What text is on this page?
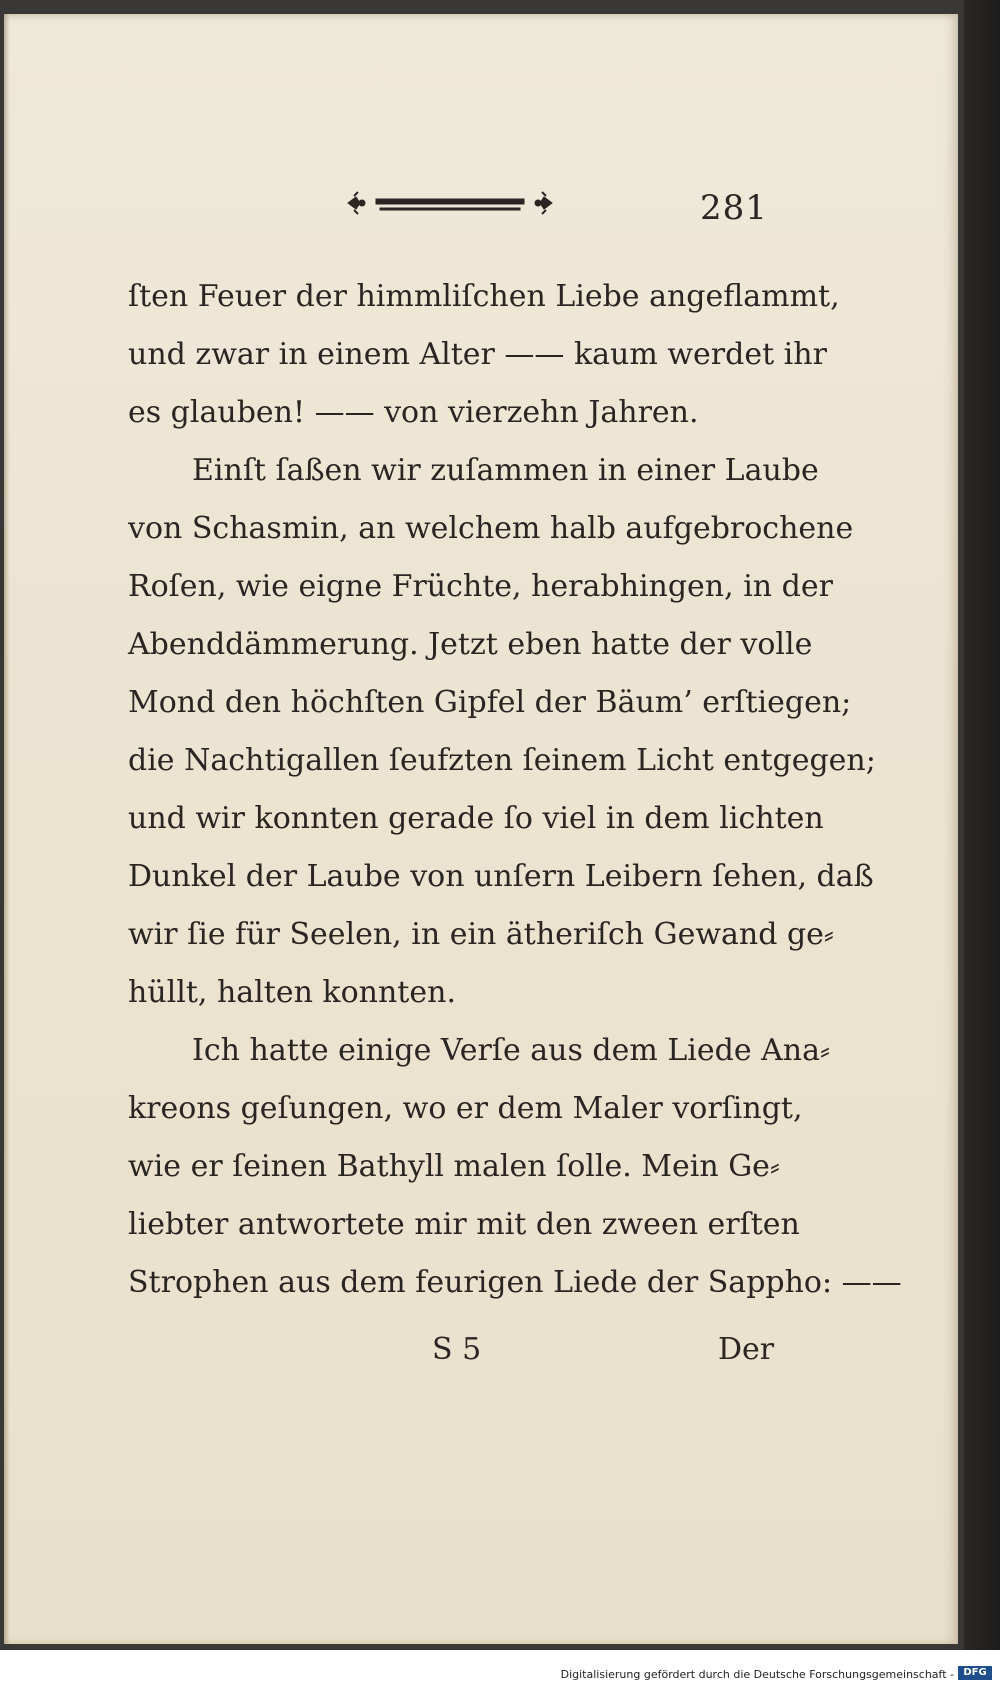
281
ſten Feuer der himmliſchen Liebe angeflammt,
und zwar in einem Alter —— kaum werdet ihr
es glauben! —— von vierzehn Jahren.
Einſt ſaßen wir zuſammen in einer Laube
von Schasmin, an welchem halb aufgebrochene
Roſen, wie eigne Früchte, herabhingen, in der
Abenddämmerung. Jetzt eben hatte der volle
Mond den höchſten Gipfel der Bäum’ erſtiegen;
die Nachtigallen ſeufzten ſeinem Licht entgegen;
und wir konnten gerade ſo viel in dem lichten
Dunkel der Laube von unſern Leibern ſehen, daß
wir ſie für Seelen, in ein ätheriſch Gewand ge⸗
hüllt, halten konnten.
Ich hatte einige Verſe aus dem Liede Ana⸗
kreons geſungen, wo er dem Maler vorſingt,
wie er ſeinen Bathyll malen ſolle. Mein Ge⸗
liebter antwortete mir mit den zween erſten
Strophen aus dem feurigen Liede der Sappho: ——
S 5	Der
Digitalisierung gefördert durch die Deutsche Forschungsgemeinschaft - DFG
